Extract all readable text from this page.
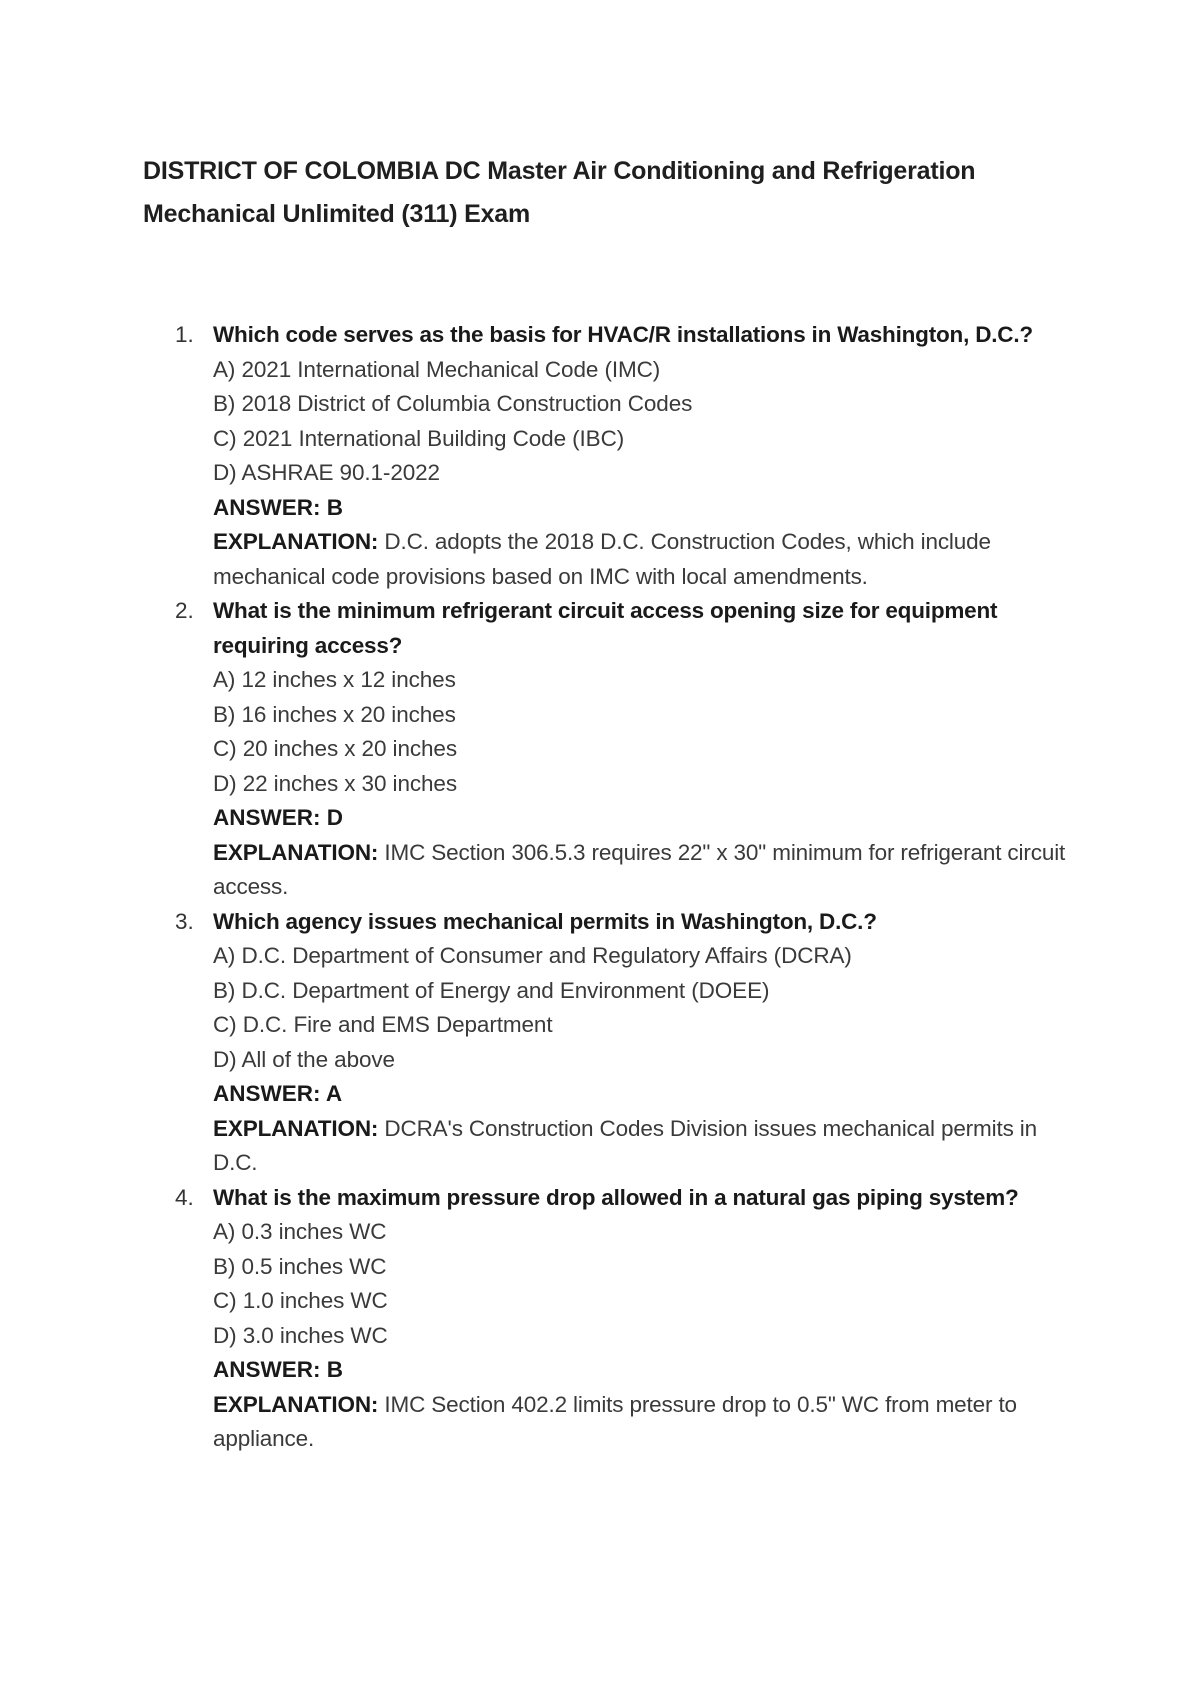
DISTRICT OF COLOMBIA DC Master Air Conditioning and Refrigeration Mechanical Unlimited (311) Exam
1. Which code serves as the basis for HVAC/R installations in Washington, D.C.?
A) 2021 International Mechanical Code (IMC)
B) 2018 District of Columbia Construction Codes
C) 2021 International Building Code (IBC)
D) ASHRAE 90.1-2022
ANSWER: B
EXPLANATION: D.C. adopts the 2018 D.C. Construction Codes, which include mechanical code provisions based on IMC with local amendments.
2. What is the minimum refrigerant circuit access opening size for equipment requiring access?
A) 12 inches x 12 inches
B) 16 inches x 20 inches
C) 20 inches x 20 inches
D) 22 inches x 30 inches
ANSWER: D
EXPLANATION: IMC Section 306.5.3 requires 22" x 30" minimum for refrigerant circuit access.
3. Which agency issues mechanical permits in Washington, D.C.?
A) D.C. Department of Consumer and Regulatory Affairs (DCRA)
B) D.C. Department of Energy and Environment (DOEE)
C) D.C. Fire and EMS Department
D) All of the above
ANSWER: A
EXPLANATION: DCRA's Construction Codes Division issues mechanical permits in D.C.
4. What is the maximum pressure drop allowed in a natural gas piping system?
A) 0.3 inches WC
B) 0.5 inches WC
C) 1.0 inches WC
D) 3.0 inches WC
ANSWER: B
EXPLANATION: IMC Section 402.2 limits pressure drop to 0.5" WC from meter to appliance.
